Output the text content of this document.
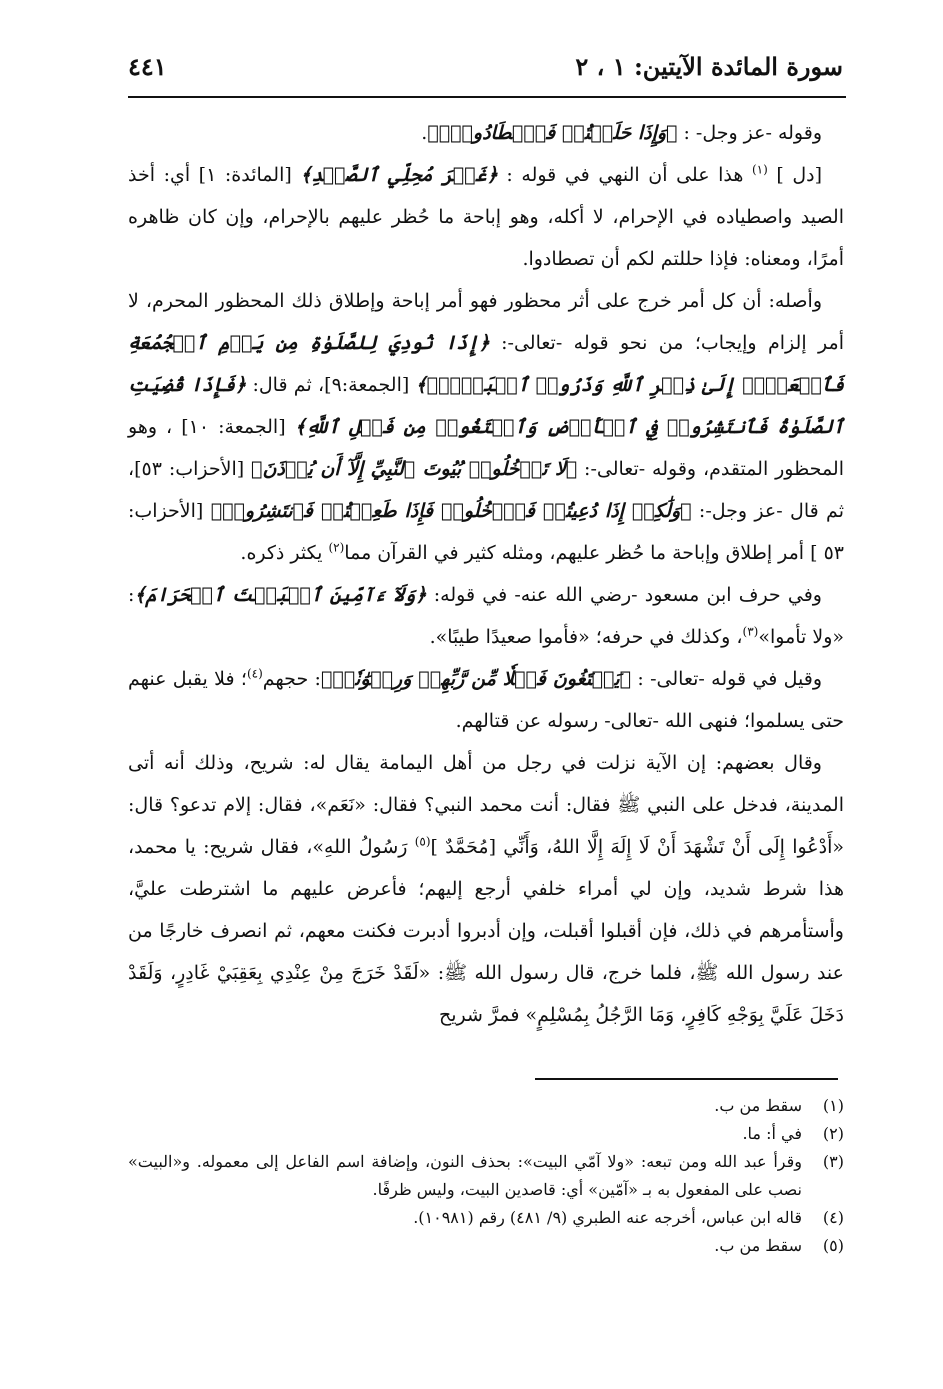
سورة المائدة الآيتين: ١ ، ٢
٤٤١

وقوله -عز وجل- : ﴿وَإِذَا حَلَلۡتُمۡ فَٱصۡطَادُوا۟ۚ﴾.

[دل ] $^{(١)}$ هذا على أن النهي في قوله : ﴿غَيۡرَ مُحِلِّي ٱلصَّيۡدِ﴾ [المائدة: ١] أي: أخذ الصيد واصطياده في الإحرام، لا أكله، وهو إباحة ما حُظر عليهم بالإحرام، وإن كان ظاهره أمرًا، ومعناه: فإذا حللتم لكم أن تصطادوا.

وأصله: أن كل أمر خرج على أثر محظور فهو أمر إباحة وإطلاق ذلك المحظور المحرم، لا أمر إلزام وإيجاب؛ من نحو قوله -تعالى-: ﴿إِذَا نُودِيَ لِلصَّلَوٰةِ مِن يَوۡمِ ٱلۡجُمُعَةِ فَٱسۡعَوۡا۟ إِلَىٰ ذِكۡرِ ٱللَّهِ وَذَرُوا۟ ٱلۡبَيۡعَۚ﴾ [الجمعة:٩]، ثم قال: ﴿فَإِذَا قُضِيَتِ ٱلصَّلَوٰةُ فَٱنتَشِرُوا۟ فِي ٱلۡأَرۡضِ وَٱبۡتَغُوا۟ مِن فَضۡلِ ٱللَّهِ﴾ [الجمعة: ١٠] ، وهو المحظور المتقدم، وقوله -تعالى-: ﴿لَا تَدۡخُلُوا۟ بُيُوتَ ٱلنَّبِيِّ إِلَّآ أَن يُؤۡذَنَ﴾ [الأحزاب: ٥٣]، ثم قال -عز وجل-: ﴿وَلَٰكِنۡ إِذَا دُعِيتُمۡ فَٱدۡخُلُوا۟ فَإِذَا طَعِمۡتُمۡ فَٱنتَشِرُوا۟﴾ [الأحزاب: ٥٣ ] أمر إطلاق وإباحة ما حُظر عليهم، ومثله كثير في القرآن مما$^{(٢)}$ يكثر ذكره.

وفي حرف ابن مسعود -رضي الله عنه- في قوله: ﴿وَلَآ ءَآمِّينَ ٱلۡبَيۡتَ ٱلۡحَرَامَ﴾: «ولا تأموا»$^{(٣)}$، وكذلك في حرفه؛ «فأموا صعيدًا طيبًا».

وقيل في قوله -تعالى- : ﴿يَبۡتَغُونَ فَضۡلٗا مِّن رَّبِّهِمۡ وَرِضۡوَٰنٗاۚ﴾: حجهم$^{(٤)}$؛ فلا يقبل عنهم حتى يسلموا؛ فنهى الله -تعالى- رسوله عن قتالهم.

وقال بعضهم: إن الآية نزلت في رجل من أهل اليمامة يقال له: شريح، وذلك أنه أتى المدينة، فدخل على النبي ﷺ فقال: أنت محمد النبي؟ فقال: «نَعَم»، فقال: إلام تدعو؟ قال: «أَدْعُوا إِلَى أَنْ تَشْهَدَ أَنْ لَا إِلَهَ إِلَّا اللهُ، وَأَنِّي [مُحَمَّدٌ ]$^{(٥)}$ رَسُولُ اللهِ»، فقال شريح: يا محمد، هذا شرط شديد، وإن لي أمراء خلفي أرجع إليهم؛ فأعرض عليهم ما اشترطت عليَّ، وأستأمرهم في ذلك، فإن أقبلوا أقبلت، وإن أدبروا أدبرت فكنت معهم، ثم انصرف خارجًا من عند رسول الله ﷺ، فلما خرج، قال رسول الله ﷺ: «لَقَدْ خَرَجَ مِنْ عِنْدِي بِعَقِبَيْ غَادِرٍ، وَلَقَدْ دَخَلَ عَلَيَّ بِوَجْهِ كَافِرٍ، وَمَا الرَّجُلُ بِمُسْلِمٍ» فمرَّ شريح

(١)
سقط من ب.
(٢)
في أ: ما.
(٣)
وقرأ عبد الله ومن تبعه: «ولا آمّي البيت»: بحذف النون، وإضافة اسم الفاعل إلى معموله. و«البيت» نصب على المفعول به بـ «آمّين» أي: قاصدين البيت، وليس ظرفًا.
(٤)
قاله ابن عباس، أخرجه عنه الطبري (٩/ ٤٨١) رقم (١٠٩٨١).
(٥)
سقط من ب.
